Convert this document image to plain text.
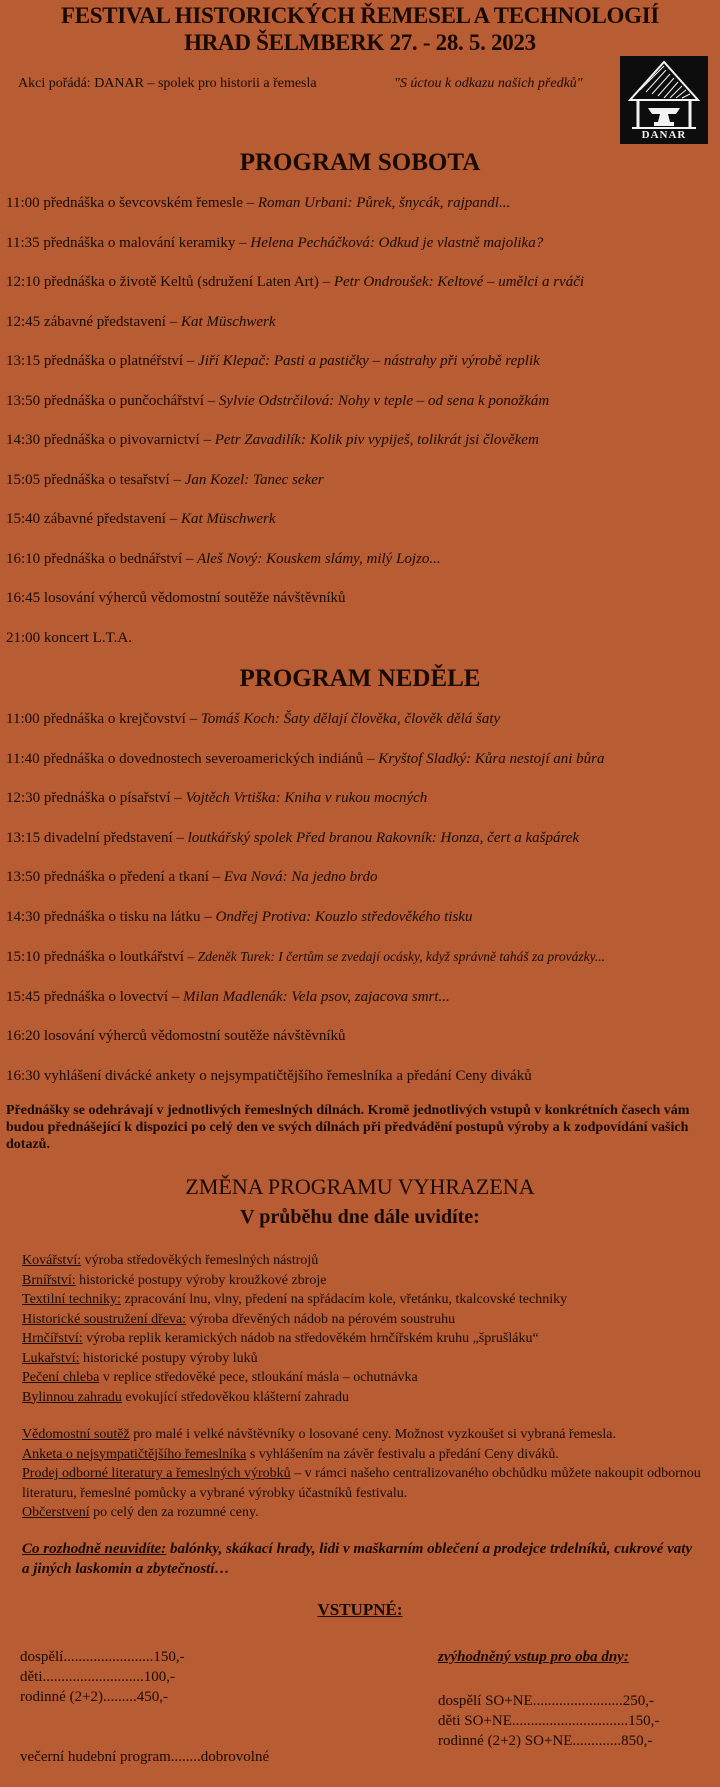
FESTIVAL HISTORICKÝCH ŘEMESEL A TECHNOLOGIÍ
HRAD ŠELMBERK 27. - 28. 5. 2023
Akci pořádá: DANAR – spolek pro historii a řemesla	"S úctou k odkazu našich předků"
DANAR
PROGRAM SOBOTA
11:00 přednáška o ševcovském řemesle – Roman Urbani: Půrek, šnycák, rajpandl...
11:35 přednáška o malování keramiky – Helena Pecháčková: Odkud je vlastně majolika?
12:10 přednáška o životě Keltů (sdružení Laten Art) – Petr Ondroušek: Keltové – umělci a rváči
12:45 zábavné představení – Kat Müschwerk
13:15 přednáška o platnéřství – Jiří Klepač: Pasti a pastičky – nástrahy při výrobě replik
13:50 přednáška o punčochářství – Sylvie Odstrčilová: Nohy v teple – od sena k ponožkám
14:30 přednáška o pivovarnictví – Petr Zavadilík: Kolik piv vypiješ, tolikrát jsi člověkem
15:05 přednáška o tesařství – Jan Kozel: Tanec seker
15:40 zábavné představení – Kat Müschwerk
16:10 přednáška o bednářství – Aleš Nový: Kouskem slámy, milý Lojzo...
16:45 losování výherců vědomostní soutěže návštěvníků
21:00 koncert L.T.A.
PROGRAM NEDĚLE
11:00 přednáška o krejčovství – Tomáš Koch: Šaty dělají člověka, člověk dělá šaty
11:40 přednáška o dovednostech severoamerických indiánů – Kryštof Sladký: Kůra nestojí ani bůra
12:30 přednáška o písařství – Vojtěch Vrtiška: Kniha v rukou mocných
13:15 divadelní představení – loutkářský spolek Před branou Rakovník: Honza, čert a kašpárek
13:50 přednáška o předení a tkaní – Eva Nová: Na jedno brdo
14:30 přednáška o tisku na látku – Ondřej Protiva: Kouzlo středověkého tisku
15:10 přednáška o loutkářství – Zdeněk Turek: I čertům se zvedají ocásky, když správně taháš za provázky...
15:45 přednáška o lovectví – Milan Madlenák: Vela psov, zajacova smrt...
16:20 losování výherců vědomostní soutěže návštěvníků
16:30 vyhlášení divácké ankety o nejsympatičtějšího řemeslníka a předání Ceny diváků

Přednášky se odehrávají v jednotlivých řemeslných dílnách. Kromě jednotlivých vstupů v konkrétních časech vám budou přednášející k dispozici po celý den ve svých dílnách při předvádění postupů výroby a k zodpovídání vašich dotazů.

ZMĚNA PROGRAMU VYHRAZENA
V průběhu dne dále uvidíte:
Kovářství: výroba středověkých řemeslných nástrojů
Brnířství: historické postupy výroby kroužkové zbroje
Textilní techniky: zpracování lnu, vlny, předení na spřádacím kole, vřetánku, tkalcovské techniky
Historické soustružení dřeva: výroba dřevěných nádob na pérovém soustruhu
Hrnčířství: výroba replik keramických nádob na středověkém hrnčířském kruhu „šprušláku“
Lukařství: historické postupy výroby luků
Pečení chleba v replice středověké pece, stloukání másla – ochutnávka
Bylinnou zahradu evokující středověkou klášterní zahradu
Vědomostní soutěž pro malé i velké návštěvníky o losované ceny. Možnost vyzkoušet si vybraná řemesla.
Anketa o nejsympatičtějšího řemeslníka s vyhlášením na závěr festivalu a předání Ceny diváků.
Prodej odborné literatury a řemeslných výrobků – v rámci našeho centralizovaného obchůdku můžete nakoupit odbornou literaturu, řemeslné pomůcky a vybrané výrobky účastníků festivalu.
Občerstvení po celý den za rozumné ceny.

Co rozhodně neuvidíte: balónky, skákací hrady, lidi v maškarním oblečení a prodejce trdelníků, cukrové vaty a jiných laskomin a zbytečností…

VSTUPNÉ:
dospělí........................150,-
děti...........................100,-
rodinné (2+2).........450,-
večerní hudební program........dobrovolné
zvýhodněný vstup pro oba dny:
dospělí SO+NE........................250,-
děti SO+NE...............................150,-
rodinné (2+2) SO+NE.............850,-
